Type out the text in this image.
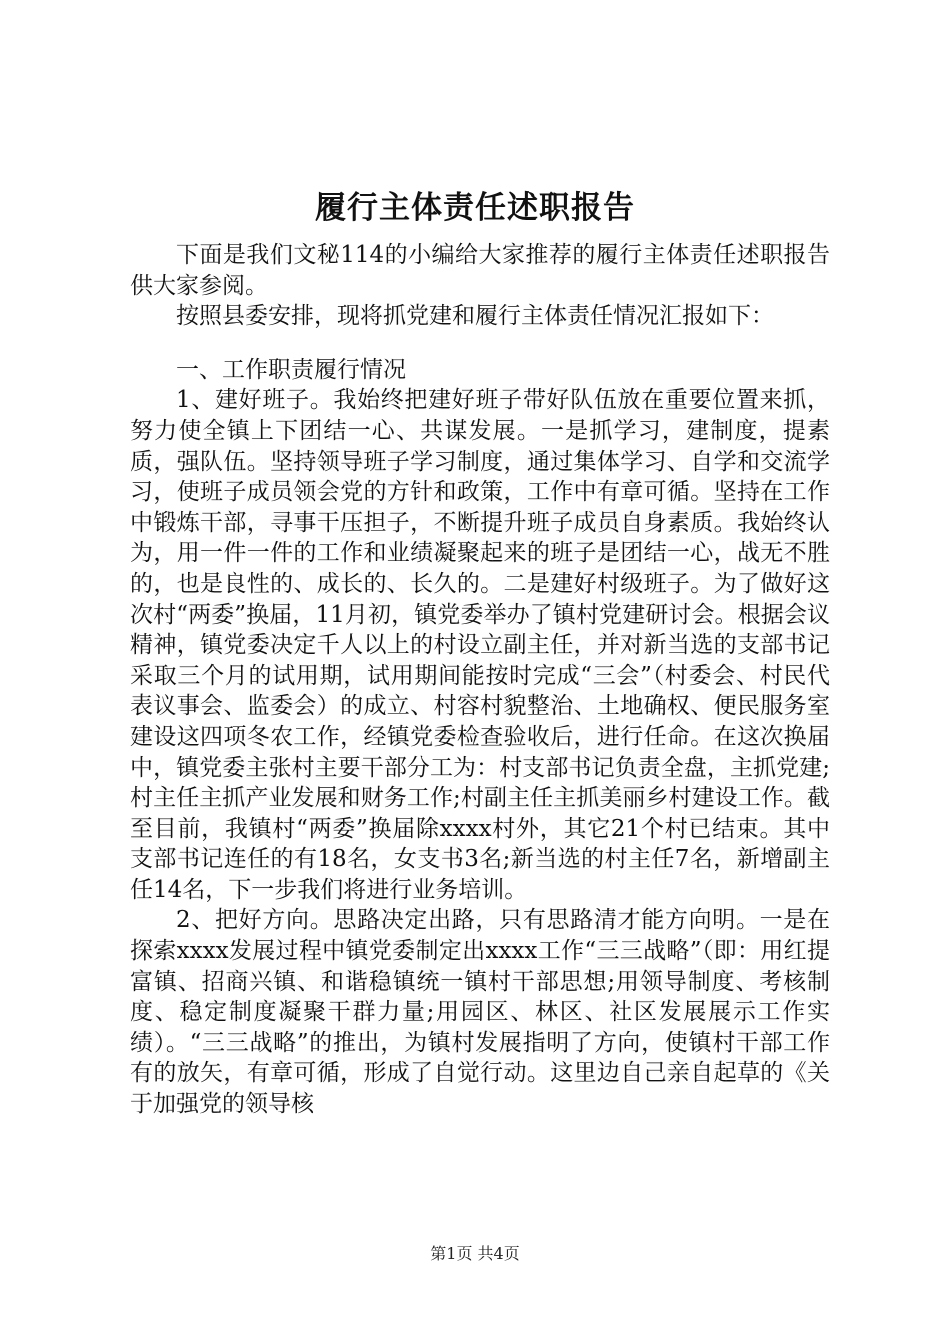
履行主体责任述职报告

下面是我们文秘114的小编给大家推荐的履行主体责任述职报告供大家参阅。

按照县委安排，现将抓党建和履行主体责任情况汇报如下：

一、工作职责履行情况

1、建好班子。我始终把建好班子带好队伍放在重要位置来抓，努力使全镇上下团结一心、共谋发展。一是抓学习，建制度，提素质，强队伍。坚持领导班子学习制度，通过集体学习、自学和交流学习，使班子成员领会党的方针和政策，工作中有章可循。坚持在工作中锻炼干部，寻事干压担子，不断提升班子成员自身素质。我始终认为，用一件一件的工作和业绩凝聚起来的班子是团结一心，战无不胜的，也是良性的、成长的、长久的。二是建好村级班子。为了做好这次村“两委”换届，11月初，镇党委举办了镇村党建研讨会。根据会议精神，镇党委决定千人以上的村设立副主任，并对新当选的支部书记采取三个月的试用期，试用期间能按时完成“三会”（村委会、村民代表议事会、监委会）的成立、村容村貌整治、土地确权、便民服务室建设这四项冬农工作，经镇党委检查验收后，进行任命。在这次换届中，镇党委主张村主要干部分工为：村支部书记负责全盘，主抓党建;村主任主抓产业发展和财务工作;村副主任主抓美丽乡村建设工作。截至目前，我镇村“两委”换届除xxxx村外，其它21个村已结束。其中支部书记连任的有18名，女支书3名;新当选的村主任7名，新增副主任14名，下一步我们将进行业务培训。

2、把好方向。思路决定出路，只有思路清才能方向明。一是在探索xxxx发展过程中镇党委制定出xxxx工作“三三战略”（即：用红提富镇、招商兴镇、和谐稳镇统一镇村干部思想;用领导制度、考核制度、稳定制度凝聚干群力量;用园区、林区、社区发展展示工作实绩）。“三三战略”的推出，为镇村发展指明了方向，使镇村干部工作有的放矢，有章可循，形成了自觉行动。这里边自己亲自起草的《关于加强党的领导核

第1页 共4页
